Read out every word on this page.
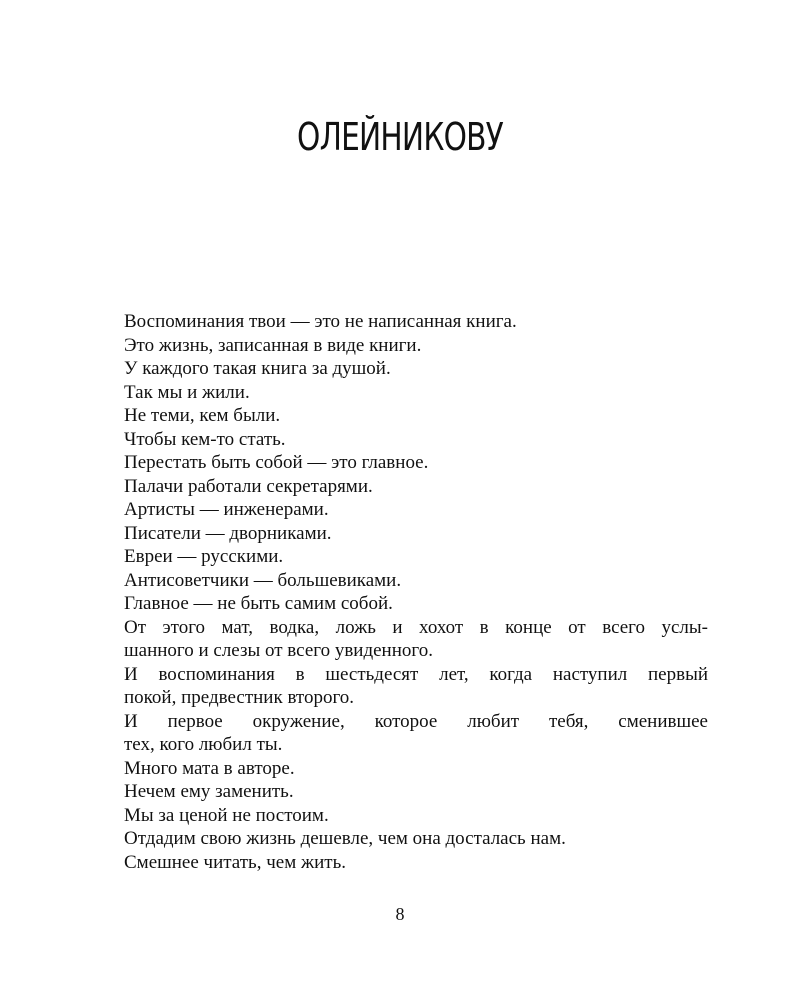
ОЛЕЙНИКОВУ
Воспоминания твои — это не написанная книга.
Это жизнь, записанная в виде книги.
У каждого такая книга за душой.
Так мы и жили.
Не теми, кем были.
Чтобы кем-то стать.
Перестать быть собой — это главное.
Палачи работали секретарями.
Артисты — инженерами.
Писатели — дворниками.
Евреи — русскими.
Антисоветчики — большевиками.
Главное — не быть самим собой.
От этого мат, водка, ложь и хохот в конце от всего услы-
шанного и слезы от всего увиденного.
И воспоминания в шестьдесят лет, когда наступил первый
покой, предвестник второго.
И первое окружение, которое любит тебя, сменившее
тех, кого любил ты.
Много мата в авторе.
Нечем ему заменить.
Мы за ценой не постоим.
Отдадим свою жизнь дешевле, чем она досталась нам.
Смешнее читать, чем жить.
8
